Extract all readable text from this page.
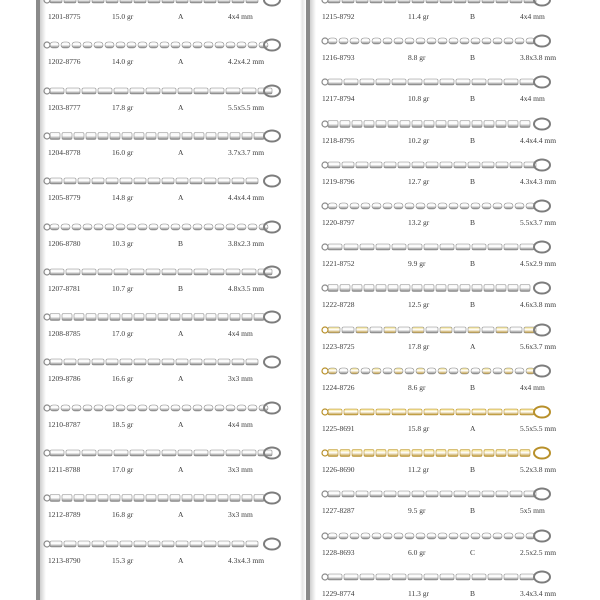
1201-8775	15.0 gr	A	4x4 mm
1202-8776	14.0 gr	A	4.2x4.2 mm
1203-8777	17.8 gr	A	5.5x5.5 mm
1204-8778	16.0 gr	A	3.7x3.7 mm
1205-8779	14.8 gr	A	4.4x4.4 mm
1206-8780	10.3 gr	B	3.8x2.3 mm
1207-8781	10.7 gr	B	4.8x3.5 mm
1208-8785	17.0 gr	A	4x4 mm
1209-8786	16.6 gr	A	3x3 mm
1210-8787	18.5 gr	A	4x4 mm
1211-8788	17.0 gr	A	3x3 mm
1212-8789	16.8 gr	A	3x3 mm
1213-8790	15.3 gr	A	4.3x4.3 mm
1215-8792	11.4 gr	B	4x4 mm
1216-8793	8.8 gr	B	3.8x3.8 mm
1217-8794	10.8 gr	B	4x4 mm
1218-8795	10.2 gr	B	4.4x4.4 mm
1219-8796	12.7 gr	B	4.3x4.3 mm
1220-8797	13.2 gr	B	5.5x3.7 mm
1221-8752	9.9 gr	B	4.5x2.9 mm
1222-8728	12.5 gr	B	4.6x3.8 mm
1223-8725	17.8 gr	A	5.6x3.7 mm
1224-8726	8.6 gr	B	4x4 mm
1225-8691	15.8 gr	A	5.5x5.5 mm
1226-8690	11.2 gr	B	5.2x3.8 mm
1227-8287	9.5 gr	B	5x5 mm
1228-8693	6.0 gr	C	2.5x2.5 mm
1229-8774	11.3 gr	B	3.4x3.4 mm
